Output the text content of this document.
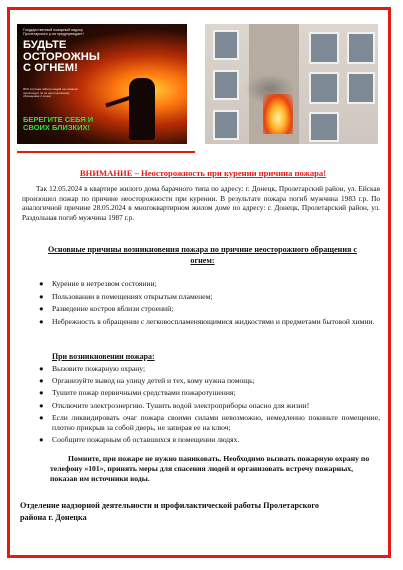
Государственный пожарный надзор Пролетарского р-на предупреждает!
БУДЬТЕ ОСТОРОЖНЫ С ОГНЕМ!
90% случаев гибели людей на пожарах происходит по их неосторожному обращению с огнем
БЕРЕГИТЕ СЕБЯ И СВОИХ БЛИЗКИХ!
ВНИМАНИЕ – Неосторожность при курении причина пожара!

Так 12.05.2024 в квартире жилого дома барачного типа по адресу: г. Донецк, Пролетарский район, ул. Ейская произошел пожар по причине неосторожности при курении. В результате пожара погиб мужчина 1983 г.р. По аналогичной причине 28.05.2024 в многоквартирном жилом доме по адресу: г. Донецк, Пролетарский район, ул. Раздольная погиб мужчина 1987 г.р.

Основные причины возникновения пожара по причине неосторожного обращения с огнем:
● Курение в нетрезвом состоянии;
● Пользовании в помещениях открытым пламенем;
● Разведение костров вблизи строений;
● Небрежность в обращении с легковоспламеняющимися жидкостями и предметами бытовой химии.
При возникновении пожара:
● Вызовите пожарную охрану;
● Организуйте вывод на улицу детей и тех, кому нужна помощь;
● Тушите пожар первичными средствами пожаротушения;
● Отключите электроэнергию. Тушить водой электроприборы опасно для жизни!
● Если ликвидировать очаг пожара своими силами невозможно, немедленно покиньте помещение, плотно прикрыв за собой дверь, не запирая ее на ключ;
● Сообщите пожарным об оставшихся в помещении людях.

Помните, при пожаре не нужно паниковать. Необходимо вызвать пожарную охрану по телефону «101», принять меры для спасения людей и организовать встречу пожарных, показав им источники воды.

Отделение надзорной деятельности и профилактической работы Пролетарского района г. Донецка
